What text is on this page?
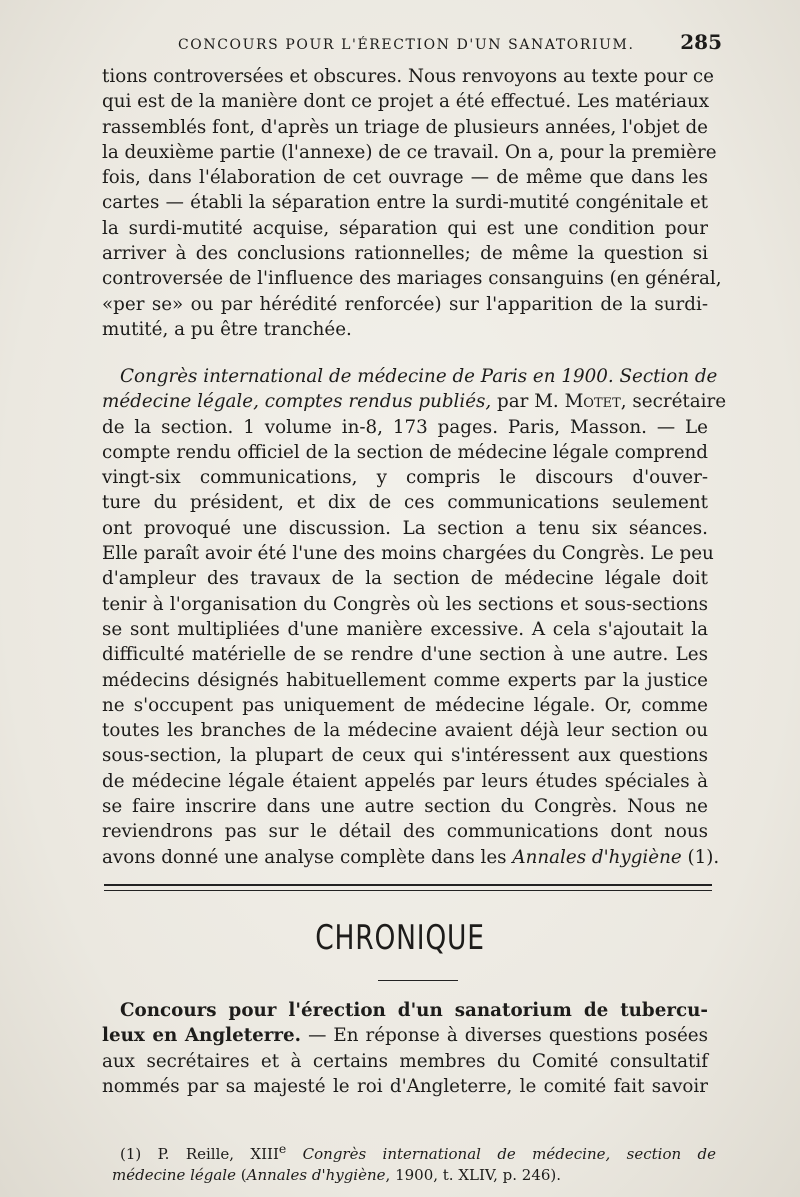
CONCOURS POUR L'ÉRECTION D'UN SANATORIUM. 285
tions controversées et obscures. Nous renvoyons au texte pour ce
qui est de la manière dont ce projet a été effectué. Les matériaux
rassemblés font, d'après un triage de plusieurs années, l'objet de
la deuxième partie (l'annexe) de ce travail. On a, pour la première
fois, dans l'élaboration de cet ouvrage — de même que dans les
cartes — établi la séparation entre la surdi-mutité congénitale et
la surdi-mutité acquise, séparation qui est une condition pour
arriver à des conclusions rationnelles; de même la question si
controversée de l'influence des mariages consanguins (en général,
«per se» ou par hérédité renforcée) sur l'apparition de la surdi-
mutité, a pu être tranchée.
Congrès international de médecine de Paris en 1900. Section de
médecine légale, comptes rendus publiés, par M. Motet, secrétaire
de la section. 1 volume in-8, 173 pages. Paris, Masson. — Le
compte rendu officiel de la section de médecine légale comprend
vingt-six communications, y compris le discours d'ouver-
ture du président, et dix de ces communications seulement
ont provoqué une discussion. La section a tenu six séances.
Elle paraît avoir été l'une des moins chargées du Congrès. Le peu
d'ampleur des travaux de la section de médecine légale doit
tenir à l'organisation du Congrès où les sections et sous-sections
se sont multipliées d'une manière excessive. A cela s'ajoutait la
difficulté matérielle de se rendre d'une section à une autre. Les
médecins désignés habituellement comme experts par la justice
ne s'occupent pas uniquement de médecine légale. Or, comme
toutes les branches de la médecine avaient déjà leur section ou
sous-section, la plupart de ceux qui s'intéressent aux questions
de médecine légale étaient appelés par leurs études spéciales à
se faire inscrire dans une autre section du Congrès. Nous ne
reviendrons pas sur le détail des communications dont nous
avons donné une analyse complète dans les Annales d'hygiène (1).
CHRONIQUE
Concours pour l'érection d'un sanatorium de tubercu-
leux en Angleterre. — En réponse à diverses questions posées
aux secrétaires et à certains membres du Comité consultatif
nommés par sa majesté le roi d'Angleterre, le comité fait savoir
(1) P. Reille, XIIIe Congrès international de médecine, section de
médecine légale (Annales d'hygiène, 1900, t. XLIV, p. 246).
